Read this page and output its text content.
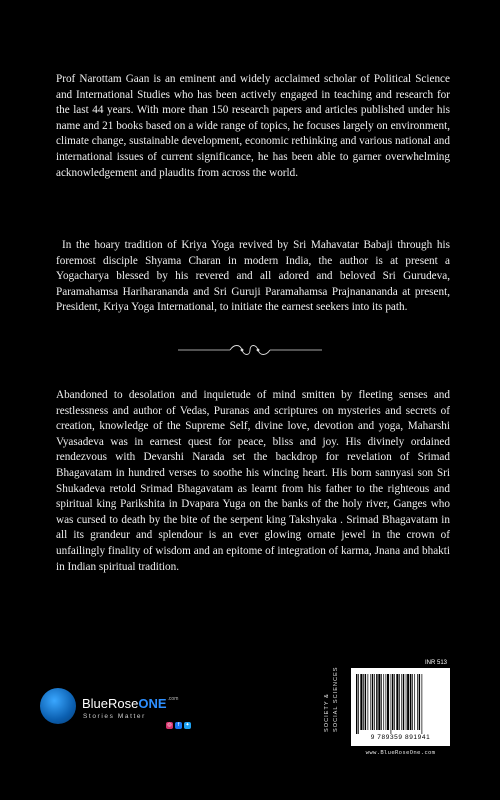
Prof Narottam Gaan is an eminent and widely acclaimed scholar of Political Science and International Studies who has been actively engaged in teaching and research for the last 44 years. With more than 150 research papers and articles published under his name and 21 books based on a wide range of topics, he focuses largely on environment, climate change, sustainable development, economic rethinking and various national and international issues of current significance, he has been able to garner overwhelming acknowledgement and plaudits from across the world.

In the hoary tradition of Kriya Yoga revived by Sri Mahavatar Babaji through his foremost disciple Shyama Charan in modern India, the author is at present a Yogacharya blessed by his revered and all adored and beloved Sri Gurudeva, Paramahamsa Hariharananda and Sri Guruji Paramahamsa Prajnanananda at present, President, Kriya Yoga International, to initiate the earnest seekers into its path.

Abandoned to desolation and inquietude of mind smitten by fleeting senses and restlessness and author of Vedas, Puranas and scriptures on mysteries and secrets of creation, knowledge of the Supreme Self, divine love, devotion and yoga, Maharshi Vyasadeva was in earnest quest for peace, bliss and joy. His divinely ordained rendezvous with Devarshi Narada set the backdrop for revelation of Srimad Bhagavatam in hundred verses to soothe his wincing heart. His born sannyasi son Sri Shukadeva retold Srimad Bhagavatam as learnt from his father to the righteous and spiritual king Parikshita in Dvapara Yuga on the banks of the holy river, Ganges who was cursed to death by the bite of the serpent king Takshyaka . Srimad Bhagavatam in all its grandeur and splendour is an ever glowing ornate jewel in the crown of unfailingly finality of wisdom and an epitome of integration of karma, Jnana and bhakti in Indian spiritual tradition.

BlueRoseONE$^{.com}$
Stories Matter
◎	f	✦	SOCIETY & SOCIAL SCIENCES
INR 513
9 789359 891941
www.BlueRoseOne.com
